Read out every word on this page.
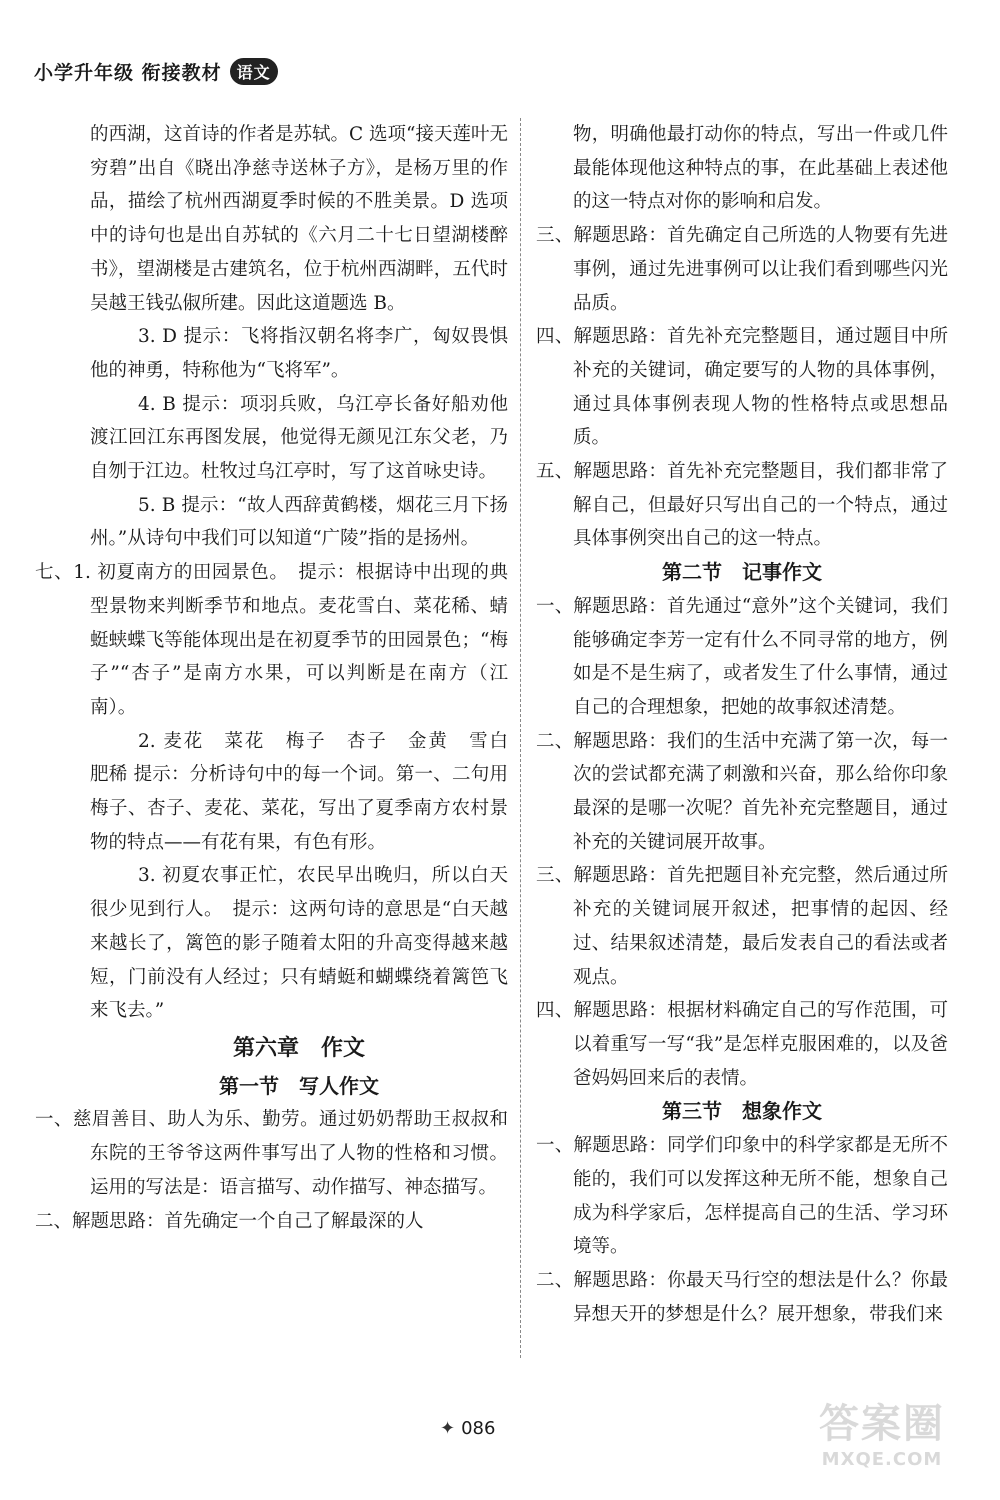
小学升年级 衔接教材 语文

的西湖，这首诗的作者是苏轼。C 选项“接天莲叶无穷碧”出自《晓出净慈寺送林子方》，是杨万里的作品，描绘了杭州西湖夏季时候的不胜美景。D 选项中的诗句也是出自苏轼的《六月二十七日望湖楼醉书》，望湖楼是古建筑名，位于杭州西湖畔，五代时吴越王钱弘俶所建。因此这道题选 B。

3. D 提示：飞将指汉朝名将李广，匈奴畏惧他的神勇，特称他为“飞将军”。

4. B 提示：项羽兵败，乌江亭长备好船劝他渡江回江东再图发展，他觉得无颜见江东父老，乃自刎于江边。杜牧过乌江亭时，写了这首咏史诗。

5. B 提示：“故人西辞黄鹤楼，烟花三月下扬州。”从诗句中我们可以知道“广陵”指的是扬州。

七、1. 初夏南方的田园景色。　提示：根据诗中出现的典型景物来判断季节和地点。麦花雪白、菜花稀、蜻蜓蛱蝶飞等能体现出是在初夏季节的田园景色；“梅子”“杏子”是南方水果，可以判断是在南方（江南）。

2. 麦花　菜花　梅子　杏子　金黄　雪白　肥稀 提示：分析诗句中的每一个词。第一、二句用梅子、杏子、麦花、菜花，写出了夏季南方农村景物的特点——有花有果，有色有形。

3. 初夏农事正忙，农民早出晚归，所以白天很少见到行人。　提示：这两句诗的意思是“白天越来越长了，篱笆的影子随着太阳的升高变得越来越短，门前没有人经过；只有蜻蜓和蝴蝶绕着篱笆飞来飞去。”

第六章　作文
第一节　写人作文

一、慈眉善目、助人为乐、勤劳。通过奶奶帮助王叔叔和东院的王爷爷这两件事写出了人物的性格和习惯。运用的写法是：语言描写、动作描写、神态描写。

二、解题思路：首先确定一个自己了解最深的人

物，明确他最打动你的特点，写出一件或几件最能体现他这种特点的事，在此基础上表述他的这一特点对你的影响和启发。

三、解题思路：首先确定自己所选的人物要有先进事例，通过先进事例可以让我们看到哪些闪光品质。

四、解题思路：首先补充完整题目，通过题目中所补充的关键词，确定要写的人物的具体事例，通过具体事例表现人物的性格特点或思想品质。

五、解题思路：首先补充完整题目，我们都非常了解自己，但最好只写出自己的一个特点，通过具体事例突出自己的这一特点。

第二节　记事作文

一、解题思路：首先通过“意外”这个关键词，我们能够确定李芳一定有什么不同寻常的地方，例如是不是生病了，或者发生了什么事情，通过自己的合理想象，把她的故事叙述清楚。

二、解题思路：我们的生活中充满了第一次，每一次的尝试都充满了刺激和兴奋，那么给你印象最深的是哪一次呢？首先补充完整题目，通过补充的关键词展开故事。

三、解题思路：首先把题目补充完整，然后通过所补充的关键词展开叙述，把事情的起因、经过、结果叙述清楚，最后发表自己的看法或者观点。

四、解题思路：根据材料确定自己的写作范围，可以着重写一写“我”是怎样克服困难的，以及爸爸妈妈回来后的表情。

第三节　想象作文

一、解题思路：同学们印象中的科学家都是无所不能的，我们可以发挥这种无所不能，想象自己成为科学家后，怎样提高自己的生活、学习环境等。

二、解题思路：你最天马行空的想法是什么？你最异想天开的梦想是什么？展开想象，带我们来

✦ 086	答案圈
MXQE.COM
